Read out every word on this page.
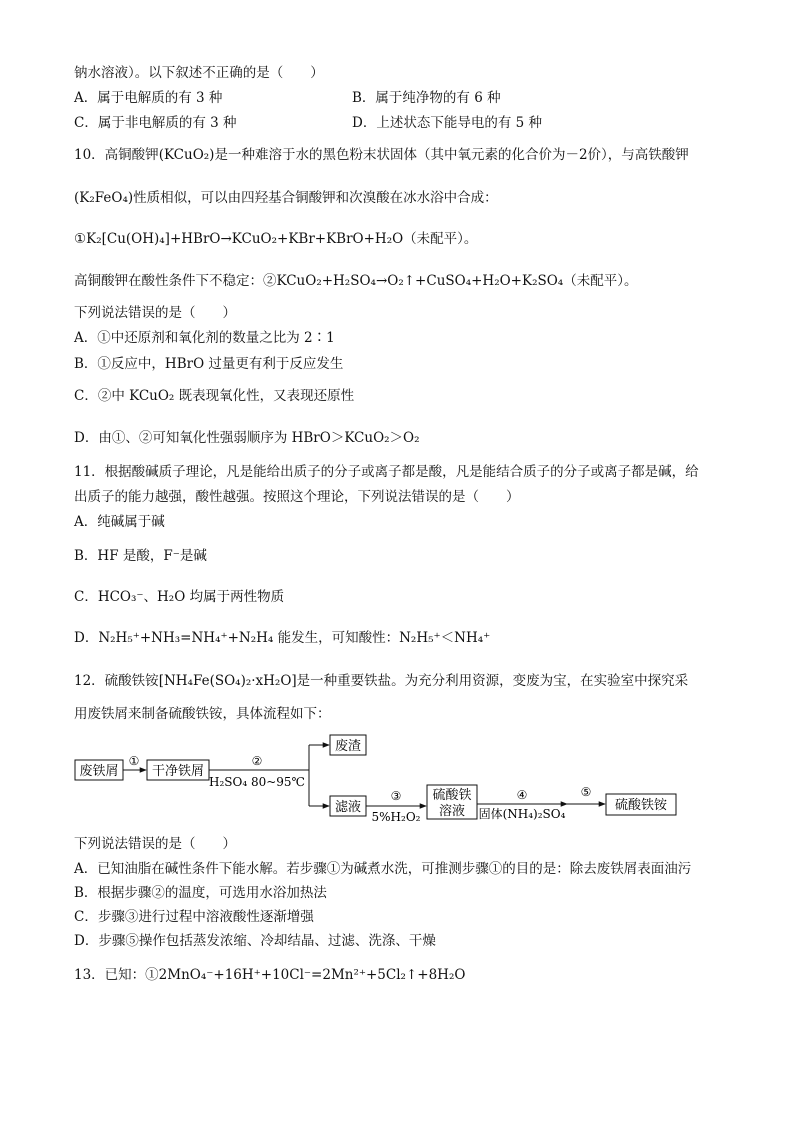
钠水溶液）。以下叙述不正确的是（　　）
A．属于电解质的有 3 种	B．属于纯净物的有 6 种
C．属于非电解质的有 3 种	D．上述状态下能导电的有 5 种
10．高铜酸钾(KCuO₂)是一种难溶于水的黑色粉末状固体（其中氧元素的化合价为－2价），与高铁酸钾
(K₂FeO₄)性质相似，可以由四羟基合铜酸钾和次溴酸在冰水浴中合成：
①K₂[Cu(OH)₄]+HBrO→KCuO₂+KBr+KBrO+H₂O（未配平）。
高铜酸钾在酸性条件下不稳定：②KCuO₂+H₂SO₄→O₂↑+CuSO₄+H₂O+K₂SO₄（未配平）。
下列说法错误的是（　　）
A．①中还原剂和氧化剂的数量之比为 2∶1
B．①反应中，HBrO 过量更有利于反应发生
C．②中 KCuO₂ 既表现氧化性，又表现还原性
D．由①、②可知氧化性强弱顺序为 HBrO＞KCuO₂＞O₂
11．根据酸碱质子理论，凡是能给出质子的分子或离子都是酸，凡是能结合质子的分子或离子都是碱，给
出质子的能力越强，酸性越强。按照这个理论，下列说法错误的是（　　）
A．纯碱属于碱
B．HF 是酸，F⁻是碱
C．HCO₃⁻、H₂O 均属于两性物质
D．N₂H₅⁺+NH₃=NH₄⁺+N₂H₄ 能发生，可知酸性：N₂H₅⁺＜NH₄⁺
12．硫酸铁铵[NH₄Fe(SO₄)₂·xH₂O]是一种重要铁盐。为充分利用资源，变废为宝，在实验室中探究采
用废铁屑来制备硫酸铁铵，具体流程如下：
废铁屑	干净铁屑
废渣
滤液
硫酸铁
溶液	硫酸铁铵
①	②
H₂SO₄ 80~95℃
③
5%H₂O₂
④
固体(NH₄)₂SO₄
⑤
下列说法错误的是（　　）
A．已知油脂在碱性条件下能水解。若步骤①为碱煮水洗，可推测步骤①的目的是：除去废铁屑表面油污
B．根据步骤②的温度，可选用水浴加热法
C．步骤③进行过程中溶液酸性逐渐增强
D．步骤⑤操作包括蒸发浓缩、冷却结晶、过滤、洗涤、干燥
13．已知：①2MnO₄⁻+16H⁺+10Cl⁻=2Mn²⁺+5Cl₂↑+8H₂O
